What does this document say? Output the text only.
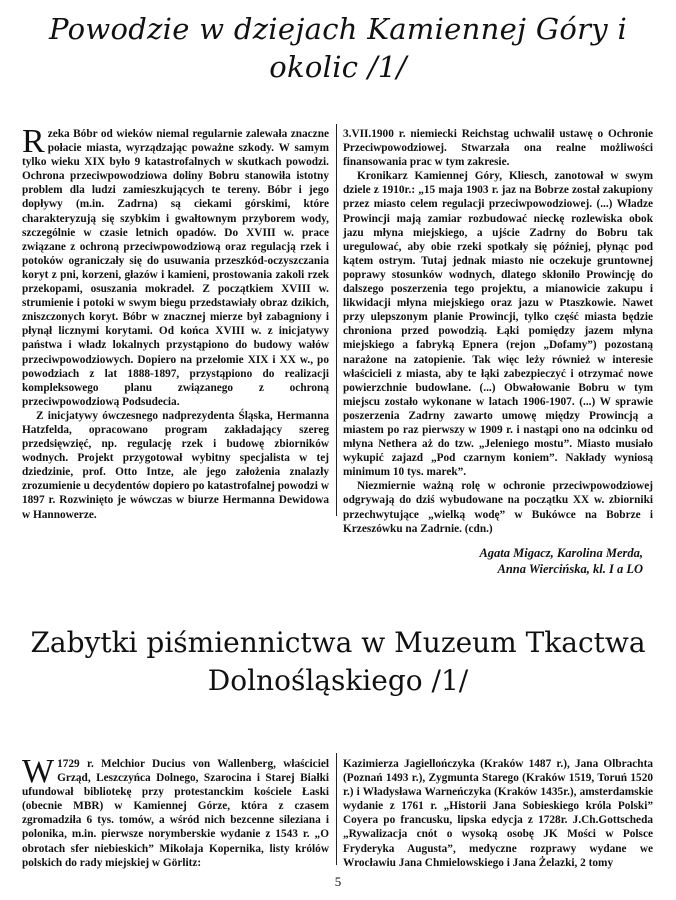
Powodzie w dziejach Kamiennej Góry i okolic /1/

Rzeka Bóbr od wieków niemal regularnie zalewała znaczne połacie miasta, wyrządzając poważne szkody. W samym tylko wieku XIX było 9 katastrofalnych w skutkach powodzi. Ochrona przeciwpowodziowa doliny Bobru stanowiła istotny problem dla ludzi zamieszkujących te tereny. Bóbr i jego dopływy (m.in. Zadrna) są ciekami górskimi, które charakteryzują się szybkim i gwałtownym przyborem wody, szczególnie w czasie letnich opadów. Do XVIII w. prace związane z ochroną przeciwpowodziową oraz regulacją rzek i potoków ograniczały się do usuwania przeszkód-oczyszczania koryt z pni, korzeni, głazów i kamieni, prostowania zakoli rzek przekopami, osuszania mokradeł. Z początkiem XVIII w. strumienie i potoki w swym biegu przedstawiały obraz dzikich, zniszczonych koryt. Bóbr w znacznej mierze był zabagniony i płynął licznymi korytami. Od końca XVIII w. z inicjatywy państwa i władz lokalnych przystąpiono do budowy wałów przeciwpowodziowych. Dopiero na przełomie XIX i XX w., po powodziach z lat 1888-1897, przystąpiono do realizacji kompleksowego planu związanego z ochroną przeciwpowodziową Podsudecia.

Z inicjatywy ówczesnego nadprezydenta Śląska, Hermanna Hatzfelda, opracowano program zakładający szereg przedsięwzięć, np. regulację rzek i budowę zbiorników wodnych. Projekt przygotował wybitny specjalista w tej dziedzinie, prof. Otto Intze, ale jego założenia znalazły zrozumienie u decydentów dopiero po katastrofalnej powodzi w 1897 r. Rozwinięto je wówczas w biurze Hermanna Dewidowa w Hannowerze.

3.VII.1900 r. niemiecki Reichstag uchwalił ustawę o Ochronie Przeciwpowodziowej. Stwarzała ona realne możliwości finansowania prac w tym zakresie.

Kronikarz Kamiennej Góry, Kliesch, zanotował w swym dziele z 1910r.: „15 maja 1903 r. jaz na Bobrze został zakupiony przez miasto celem regulacji przeciwpowodziowej. (...) Władze Prowincji mają zamiar rozbudować nieckę rozlewiska obok jazu młyna miejskiego, a ujście Zadrny do Bobru tak uregulować, aby obie rzeki spotkały się później, płynąc pod kątem ostrym. Tutaj jednak miasto nie oczekuje gruntownej poprawy stosunków wodnych, dlatego skłoniło Prowincję do dalszego poszerzenia tego projektu, a mianowicie zakupu i likwidacji młyna miejskiego oraz jazu w Ptaszkowie. Nawet przy ulepszonym planie Prowincji, tylko część miasta będzie chroniona przed powodzią. Łąki pomiędzy jazem młyna miejskiego a fabryką Epnera (rejon „Dofamy”) pozostaną narażone na zatopienie. Tak więc leży również w interesie właścicieli z miasta, aby te łąki zabezpieczyć i otrzymać nowe powierzchnie budowlane. (...) Obwałowanie Bobru w tym miejscu zostało wykonane w latach 1906-1907. (...) W sprawie poszerzenia Zadrny zawarto umowę między Prowincją a miastem po raz pierwszy w 1909 r. i nastąpi ono na odcinku od młyna Nethera aż do tzw. „Jeleniego mostu”. Miasto musiało wykupić zajazd „Pod czarnym koniem”. Nakłady wyniosą minimum 10 tys. marek”.

Niezmiernie ważną rolę w ochronie przeciwpowodziowej odgrywają do dziś wybudowane na początku XX w. zbiorniki przechwytujące „wielką wodę” w Bukówce na Bobrze i Krzeszówku na Zadrnie. (cdn.)

Agata Migacz, Karolina Merda,
Anna Wiercińska, kl. I a LO
Zabytki piśmiennictwa w Muzeum Tkactwa Dolnośląskiego /1/

W 1729 r. Melchior Ducius von Wallenberg, właściciel Grząd, Leszczyńca Dolnego, Szarocina i Starej Białki ufundował bibliotekę przy protestanckim kościele Łaski (obecnie MBR) w Kamiennej Górze, która z czasem zgromadziła 6 tys. tomów, a wśród nich bezcenne sileziana i polonika, m.in. pierwsze norymberskie wydanie z 1543 r. „O obrotach sfer niebieskich” Mikołaja Kopernika, listy królów polskich do rady miejskiej w Görlitz:

Kazimierza Jagiellończyka (Kraków 1487 r.), Jana Olbrachta (Poznań 1493 r.), Zygmunta Starego (Kraków 1519, Toruń 1520 r.) i Władysława Warneńczyka (Kraków 1435r.), amsterdamskie wydanie z 1761 r. „Historii Jana Sobieskiego króla Polski” Coyera po francusku, lipska edycja z 1728r. J.Ch.Gottscheda „Rywalizacja cnót o wysoką osobę JK Mości w Polsce Fryderyka Augusta”, medyczne rozprawy wydane we Wrocławiu Jana Chmielowskiego i Jana Żelazki, 2 tomy

5
